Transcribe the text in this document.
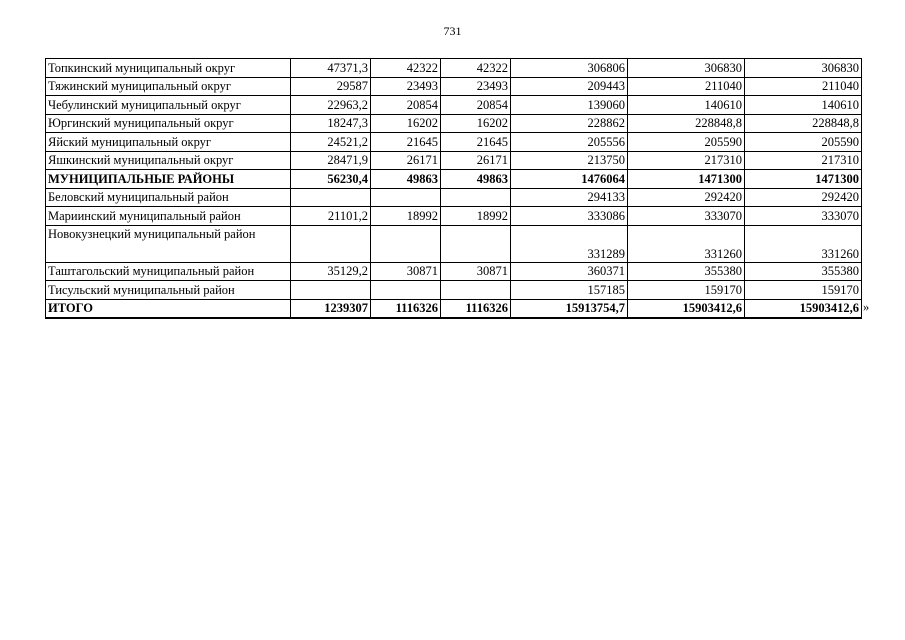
731
Топкинский муниципальный округ	47371,3	42322	42322	306806	306830	306830
Тяжинский муниципальный округ	29587	23493	23493	209443	211040	211040
Чебулинский муниципальный округ	22963,2	20854	20854	139060	140610	140610
Юргинский муниципальный округ	18247,3	16202	16202	228862	228848,8	228848,8
Яйский муниципальный округ	24521,2	21645	21645	205556	205590	205590
Яшкинский муниципальный округ	28471,9	26171	26171	213750	217310	217310
МУНИЦИПАЛЬНЫЕ РАЙОНЫ	56230,4	49863	49863	1476064	1471300	1471300
Беловский муниципальный район				294133	292420	292420
Мариинский муниципальный район	21101,2	18992	18992	333086	333070	333070
Новокузнецкий муниципальный район				331289	331260	331260
Таштагольский муниципальный район	35129,2	30871	30871	360371	355380	355380
Тисульский муниципальный район				157185	159170	159170
ИТОГО	1239307	1116326	1116326	15913754,7	15903412,6	15903412,6 »
